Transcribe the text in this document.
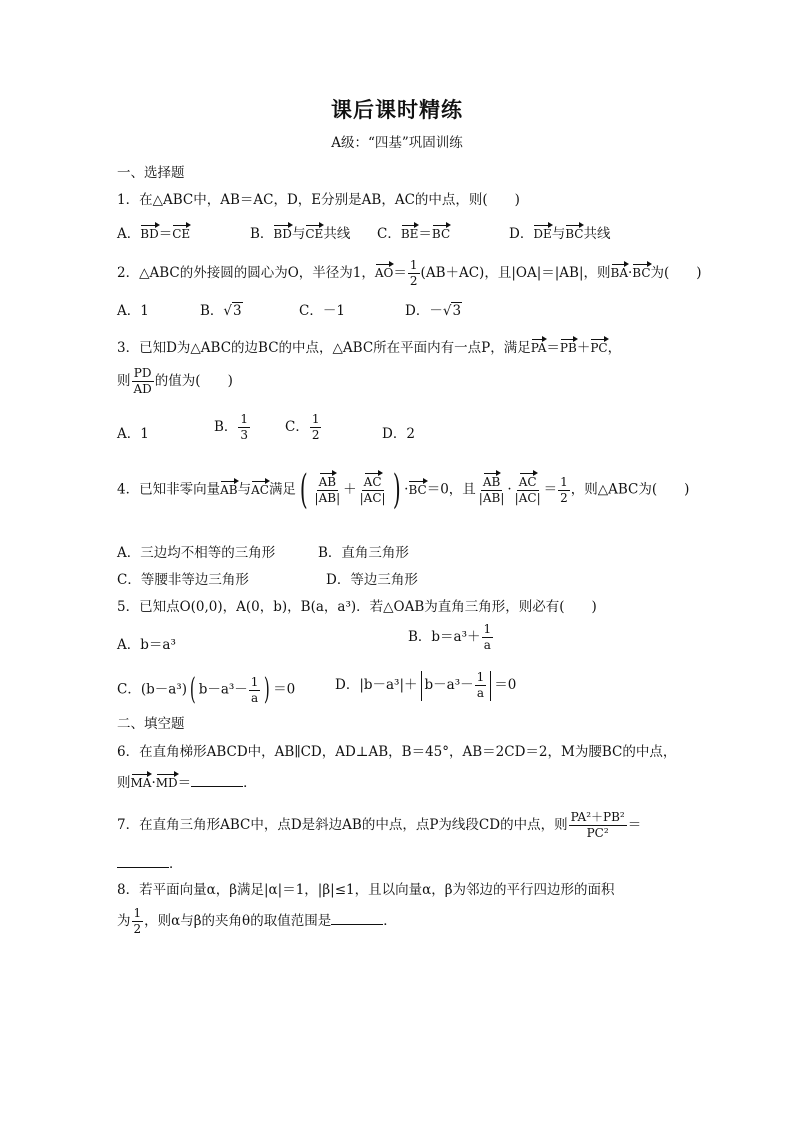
课后课时精练
A级：“四基”巩固训练
一、选择题
1．在△ABC中，AB＝AC，D，E分别是AB，AC的中点，则(　　)
A．BD＝CE	B．BD与CE共线 C．BE＝BC	D．DE与BC共线
2．△ABC的外接圆的圆心为O，半径为1，$AO= \frac{1}{2} (AB+AC)$，且|OA|＝|AB|，则BA·BC为(　　)
A．1	B．√3	C．－1	D．－√3
3．已知D为△ABC的边BC的中点，△ABC所在平面内有一点P，满足PA＝PB＋PC，
则 $\frac{PD}{AD}$ 的值为(　　)
A．1	B． $\frac{1}{3}$	C． $\frac{1}{2}$	D．2
4．已知非零向量AB与AC满足( $\frac{AB}{|AB|} + \frac{AC}{|AC|}$ ) ·BC＝0，且 $\frac{AB}{|AB|} \cdot \frac{AC}{|AC|} = \frac{1}{2}$ ，则△ABC为(　　)
A．三边均不相等的三角形	B．直角三角形
C．等腰非等边三角形	D．等边三角形
5．已知点O(0,0)，A(0，b)，B(a，a³)．若△OAB为直角三角形，则必有(　　)
A．b＝a³	B．$b=a^3+ \frac{1}{a}$
C．(b－a³)( $b-a^3- \frac{1}{a}$ ) ＝0	D．$|b-a^3|+ b-a^3- \frac{1}{a} =0$
二、填空题
6．在直角梯形ABCD中，AB∥CD，AD⊥AB，B＝45°，AB＝2CD＝2，M为腰BC的中点，
则MA·MD＝	．
7．在直角三角形ABC中，点D是斜边AB的中点，点P为线段CD的中点，则 $\frac{\text{PA²＋PB²}}{\text{PC²}}$ ＝
．
8．若平面向量α，β满足|α|＝1，|β|≤1，且以向量α，β为邻边的平行四边形的面积
为 $\frac{1}{2}$ ，则α与β的夹角θ的取值范围是	．
